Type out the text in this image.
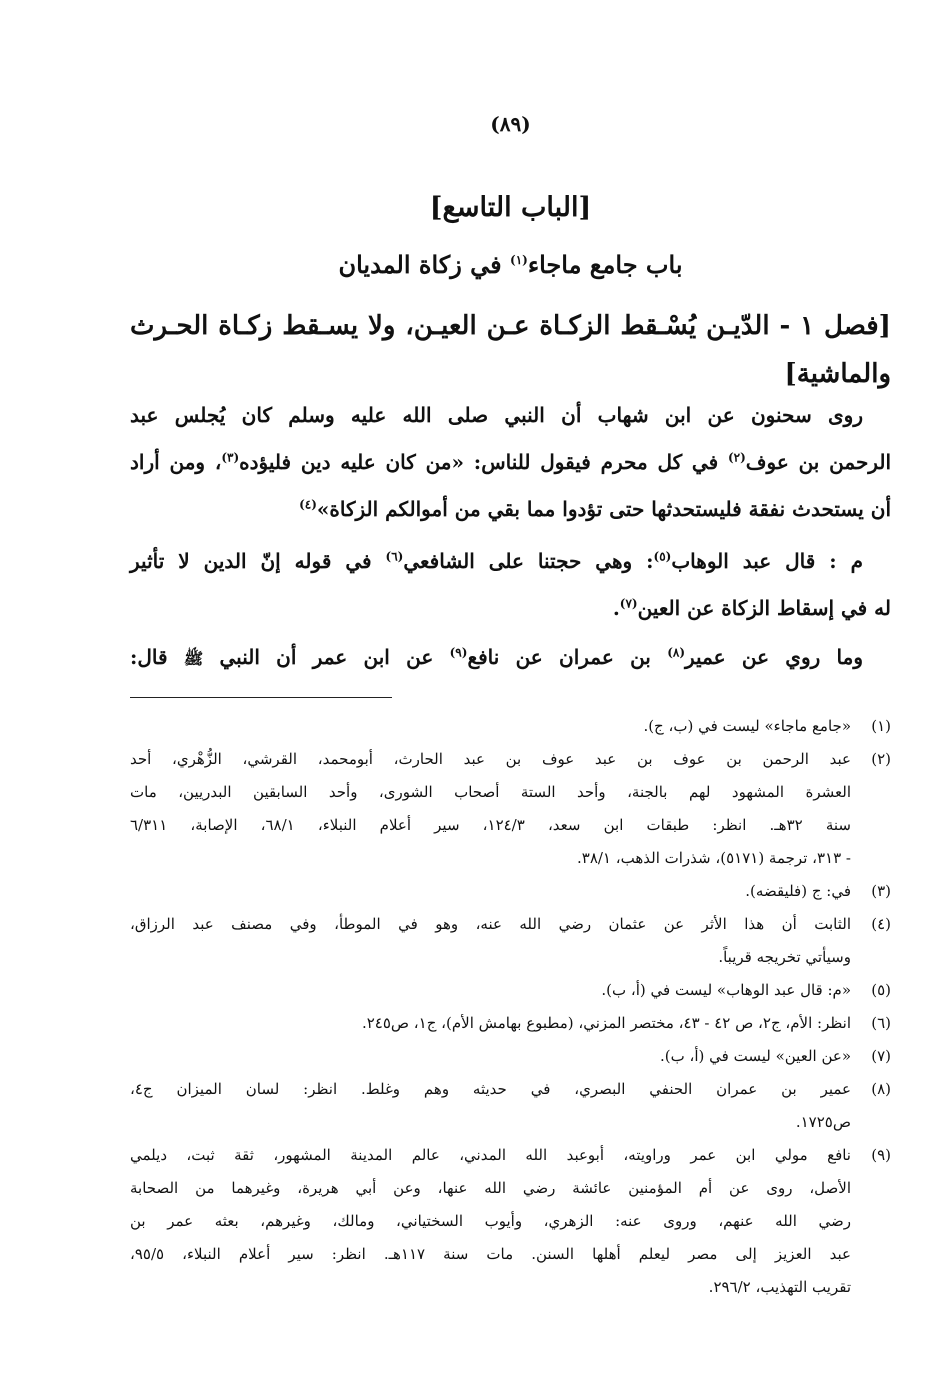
(٨٩)
[الباب التاسع]
باب جامع ماجاء$^{(١)}$ في زكاة المديان
[فصل ١ - الدّيـن يُسْـقط الزكـاة عـن العيـن، ولا يسـقط زكـاة الحـرث
والماشية]
روى سحنون عن ابن شهاب أن النبي صلى الله عليه وسلم كان يُجلس عبد
الرحمن بن عوف$^{(٢)}$ في كل محرم فيقول للناس: «من كان عليه دين فليؤده$^{(٣)}$، ومن أراد
أن يستحدث نفقة فليستحدثها حتى تؤدوا مما بقي من أموالكم الزكاة»$^{(٤)}$
م : قال عبد الوهاب$^{(٥)}$: وهي حجتنا على الشافعي$^{(٦)}$ في قوله إنّ الدين لا تأثير
له في إسقاط الزكاة عن العين$^{(٧)}$.
وما روي عن عمير$^{(٨)}$ بن عمران عن نافع$^{(٩)}$ عن ابن عمر أن النبي ﷺ قال:
(١)
«جامع ماجاء» ليست في (ب، ج).
(٢)
عبد الرحمن بن عوف بن عبد عوف بن عبد الحارث، أبومحمد، القرشي، الزُّهْري، أحد
العشرة المشهود لهم بالجنة، وأحد الستة أصحاب الشورى، وأحد السابقين البدريين، مات
سنة ٣٢هـ. انظر: طبقات ابن سعد، ١٢٤/٣، سير أعلام النبلاء، ٦٨/١، الإصابة، ٦/٣١١
- ٣١٣، ترجمة (٥١٧١)، شذرات الذهب، ٣٨/١.
(٣)
في: ج (فليقضه).
(٤)
الثابت أن هذا الأثر عن عثمان رضي الله عنه، وهو في الموطأ، وفي مصنف عبد الرزاق،
وسيأتي تخريجه قريباً.
(٥)
«م: قال عبد الوهاب» ليست في (أ، ب).
(٦)
انظر: الأم، ج٢، ص ٤٢ - ٤٣، مختصر المزني، (مطبوع بهامش الأم)، ج١، ص٢٤٥.
(٧)
«عن العين» ليست في (أ، ب).
(٨)
عمير بن عمران الحنفي البصري، في حديثه وهم وغلط. انظر: لسان الميزان ج٤،
ص١٧٢٥.
(٩)
نافع مولي ابن عمر وراويته، أبوعبد الله المدني، عالم المدينة المشهور، ثقة ثبت، ديلمي
الأصل، روى عن أم المؤمنين عائشة رضي الله عنها، وعن أبي هريرة، وغيرهما من الصحابة
رضي الله عنهم، وروى عنه: الزهري، وأيوب السختياني، ومالك، وغيرهم، بعثه عمر بن
عبد العزيز إلى مصر ليعلم أهلها السنن. مات سنة ١١٧هـ. انظر: سير أعلام النبلاء، ٩٥/٥،
تقريب التهذيب، ٢٩٦/٢.
